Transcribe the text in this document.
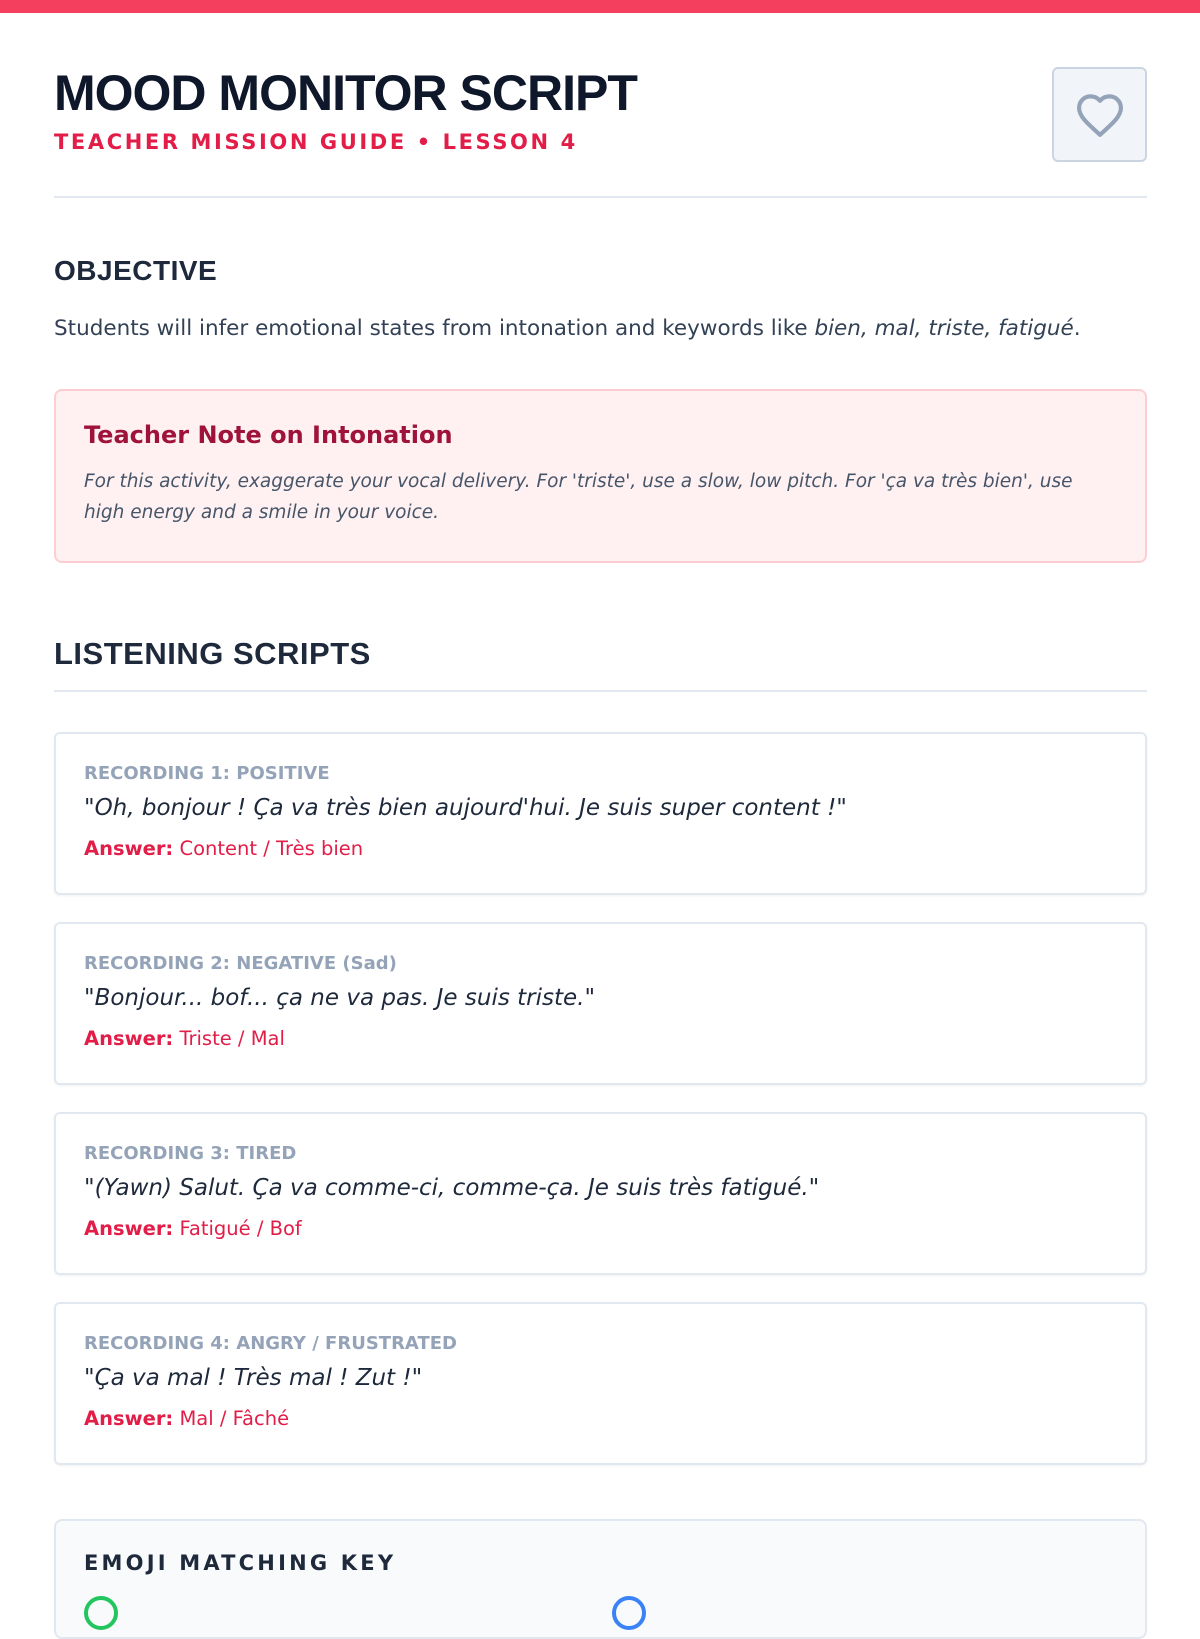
MOOD MONITOR SCRIPT
TEACHER MISSION GUIDE • LESSON 4
OBJECTIVE

Students will infer emotional states from intonation and keywords like bien, mal, triste, fatigué.

Teacher Note on Intonation

For this activity, exaggerate your vocal delivery. For 'triste', use a slow, low pitch. For 'ça va très bien', use high energy and a smile in your voice.

LISTENING SCRIPTS
RECORDING 1: POSITIVE
"Oh, bonjour ! Ça va très bien aujourd'hui. Je suis super content !"
Answer: Content / Très bien
RECORDING 2: NEGATIVE (Sad)
"Bonjour... bof... ça ne va pas. Je suis triste."
Answer: Triste / Mal
RECORDING 3: TIRED
"(Yawn) Salut. Ça va comme-ci, comme-ça. Je suis très fatigué."
Answer: Fatigué / Bof
RECORDING 4: ANGRY / FRUSTRATED
"Ça va mal ! Très mal ! Zut !"
Answer: Mal / Fâché
EMOJI MATCHING KEY
